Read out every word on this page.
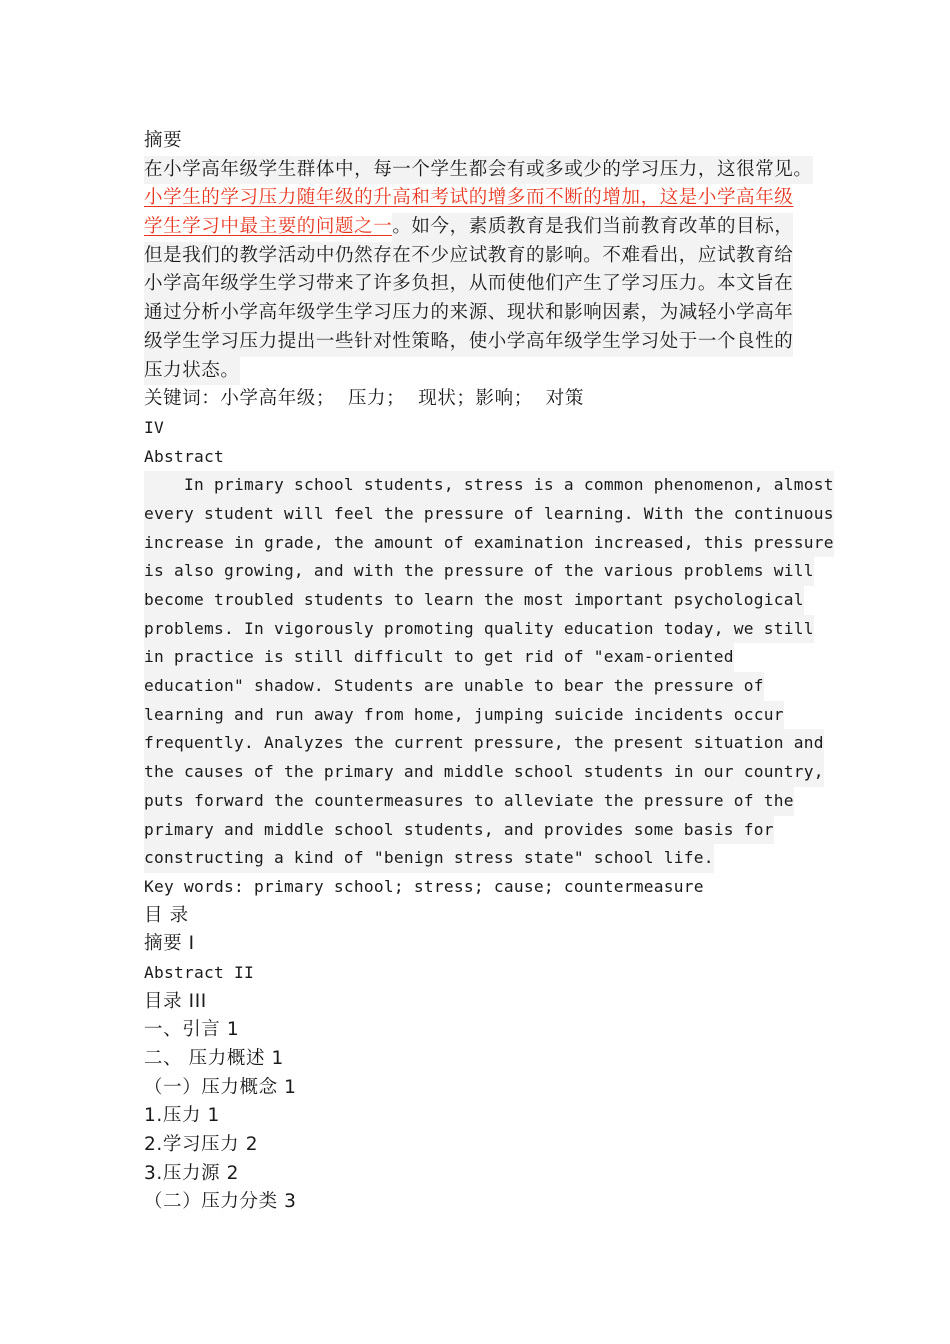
摘要
在小学高年级学生群体中，每一个学生都会有或多或少的学习压力，这很常见。
小学生的学习压力随年级的升高和考试的增多而不断的增加，这是小学高年级
学生学习中最主要的问题之一。如今，素质教育是我们当前教育改革的目标，
但是我们的教学活动中仍然存在不少应试教育的影响。不难看出，应试教育给
小学高年级学生学习带来了许多负担，从而使他们产生了学习压力。本文旨在
通过分析小学高年级学生学习压力的来源、现状和影响因素，为减轻小学高年
级学生学习压力提出一些针对性策略，使小学高年级学生学习处于一个良性的
压力状态。
关键词：小学高年级；  压力；  现状；影响；  对策
IV
Abstract
In primary school students, stress is a common phenomenon, almost
every student will feel the pressure of learning. With the continuous
increase in grade, the amount of examination increased, this pressure
is also growing, and with the pressure of the various problems will
become troubled students to learn the most important psychological
problems. In vigorously promoting quality education today, we still
in practice is still difficult to get rid of "exam-oriented
education" shadow. Students are unable to bear the pressure of
learning and run away from home, jumping suicide incidents occur
frequently. Analyzes the current pressure, the present situation and
the causes of the primary and middle school students in our country,
puts forward the countermeasures to alleviate the pressure of the
primary and middle school students, and provides some basis for
constructing a kind of "benign stress state" school life.
Key words: primary school; stress; cause; countermeasure
目 录
摘要 I
Abstract II
目录 III
一、引言 1
二、 压力概述 1
（一）压力概念 1
1.压力 1
2.学习压力 2
3.压力源 2
（二）压力分类 3
